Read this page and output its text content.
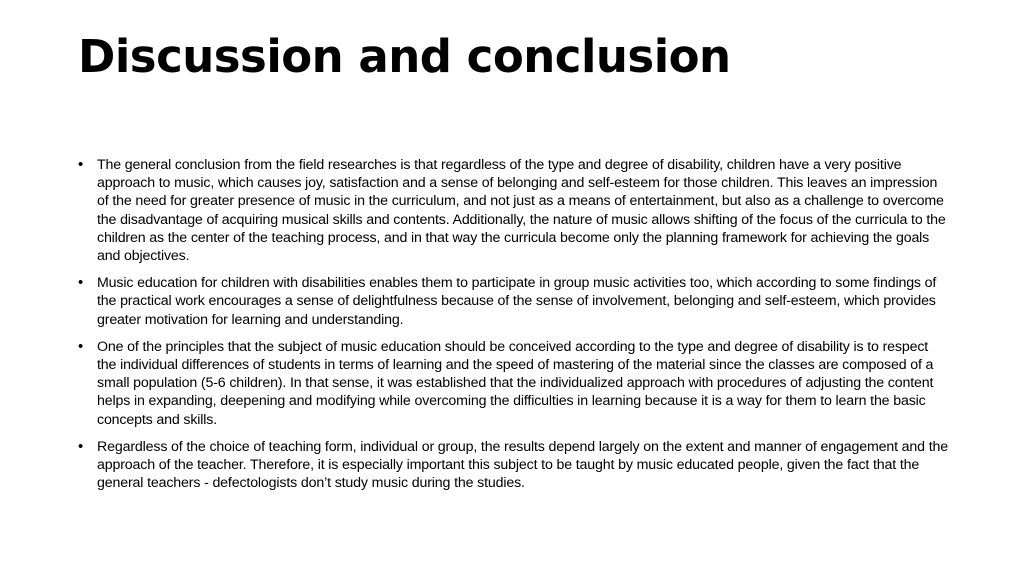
Discussion and conclusion
• The general conclusion from the field researches is that regardless of the type and degree of disability, children have a very positive approach to music, which causes joy, satisfaction and a sense of belonging and self-esteem for those children. This leaves an impression of the need for greater presence of music in the curriculum, and not just as a means of entertainment, but also as a challenge to overcome the disadvantage of acquiring musical skills and contents. Additionally, the nature of music allows shifting of the focus of the curricula to the children as the center of the teaching process, and in that way the curricula become only the planning framework for achieving the goals and objectives.
• Music education for children with disabilities enables them to participate in group music activities too, which according to some findings of the practical work encourages a sense of delightfulness because of the sense of involvement, belonging and self-esteem, which provides greater motivation for learning and understanding.
• One of the principles that the subject of music education should be conceived according to the type and degree of disability is to respect the individual differences of students in terms of learning and the speed of mastering of the material since the classes are composed of a small population (5-6 children). In that sense, it was established that the individualized approach with procedures of adjusting the content helps in expanding, deepening and modifying while overcoming the difficulties in learning because it is a way for them to learn the basic concepts and skills.
• Regardless of the choice of teaching form, individual or group, the results depend largely on the extent and manner of engagement and the approach of the teacher. Therefore, it is especially important this subject to be taught by music educated people, given the fact that the general teachers - defectologists don’t study music during the studies.
